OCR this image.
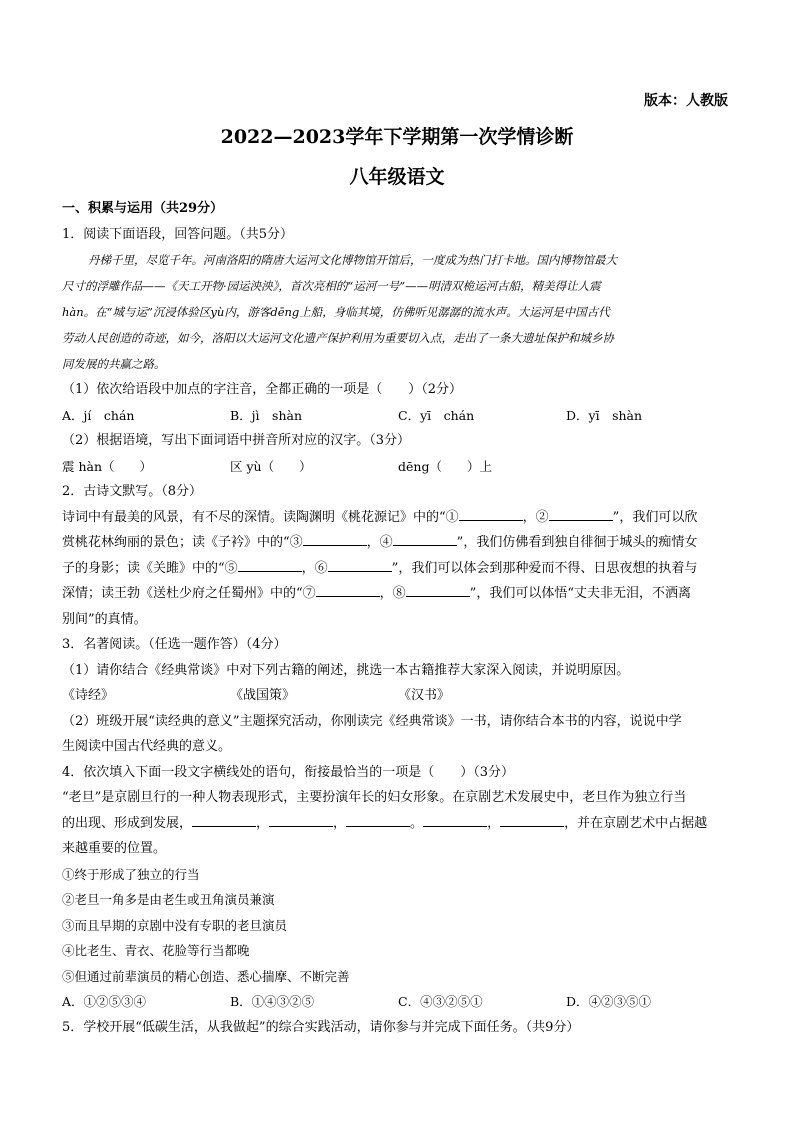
版本：人教版
2022—2023学年下学期第一次学情诊断
八年级语文
一、积累与运用（共29分）
1．阅读下面语段，回答问题。（共5分）
丹梯千里，尽览千年。河南洛阳的隋唐大运河文化博物馆开馆后，一度成为热门打卡地。国内博物馆最大
尺寸的浮雕作品——《天工开物·园运泱泱》，首次亮相的“运河一号”——明清双桅运河古船，精美得让人震
hàn。在“城与运”沉浸体验区yù内，游客dēng上船，身临其境，仿佛听见潺潺的流水声。大运河是中国古代
劳动人民创造的奇迹，如今，洛阳以大运河文化遗产保护利用为重要切入点，走出了一条大遗址保护和城乡协
同发展的共赢之路。
（1）依次给语段中加点的字注音，全都正确的一项是（　　）（2分）
A．jí　chán	B．jì　shàn	C．yī　chán	D．yī　shàn
（2）根据语境，写出下面词语中拼音所对应的汉字。（3分）
震 hàn（　　）	区 yù（　　）	dēng（　　）上
2．古诗文默写。（8分）
诗词中有最美的风景，有不尽的深情。读陶渊明《桃花源记》中的“①	，②	”，我们可以欣
赏桃花林绚丽的景色；读《子衿》中的“③	，④	”，我们仿佛看到独自徘徊于城头的痴情女
子的身影；读《关雎》中的“⑤	，⑥	”，我们可以体会到那种爱而不得、日思夜想的执着与
深情；读王勃《送杜少府之任蜀州》中的“⑦	，⑧	”，我们可以体悟“丈夫非无泪，不洒离
别间”的真情。
3．名著阅读。（任选一题作答）（4分）
（1）请你结合《经典常谈》中对下列古籍的阐述，挑选一本古籍推荐大家深入阅读，并说明原因。
《诗经》	《战国策》	《汉书》
（2）班级开展“读经典的意义”主题探究活动，你刚读完《经典常谈》一书，请你结合本书的内容，说说中学
生阅读中国古代经典的意义。
4．依次填入下面一段文字横线处的语句，衔接最恰当的一项是（　　）（3分）
“老旦”是京剧旦行的一种人物表现形式，主要扮演年长的妇女形象。在京剧艺术发展史中，老旦作为独立行当
的出现、形成到发展，	，	，	。	，	，并在京剧艺术中占据越
来越重要的位置。
①终于形成了独立的行当
②老旦一角多是由老生或丑角演员兼演
③而且早期的京剧中没有专职的老旦演员
④比老生、青衣、花脸等行当都晚
⑤但通过前辈演员的精心创造、悉心揣摩、不断完善
A．①②⑤③④	B．①④③②⑤	C．④③②⑤①	D．④②③⑤①
5．学校开展“低碳生活，从我做起”的综合实践活动，请你参与并完成下面任务。（共9分）
